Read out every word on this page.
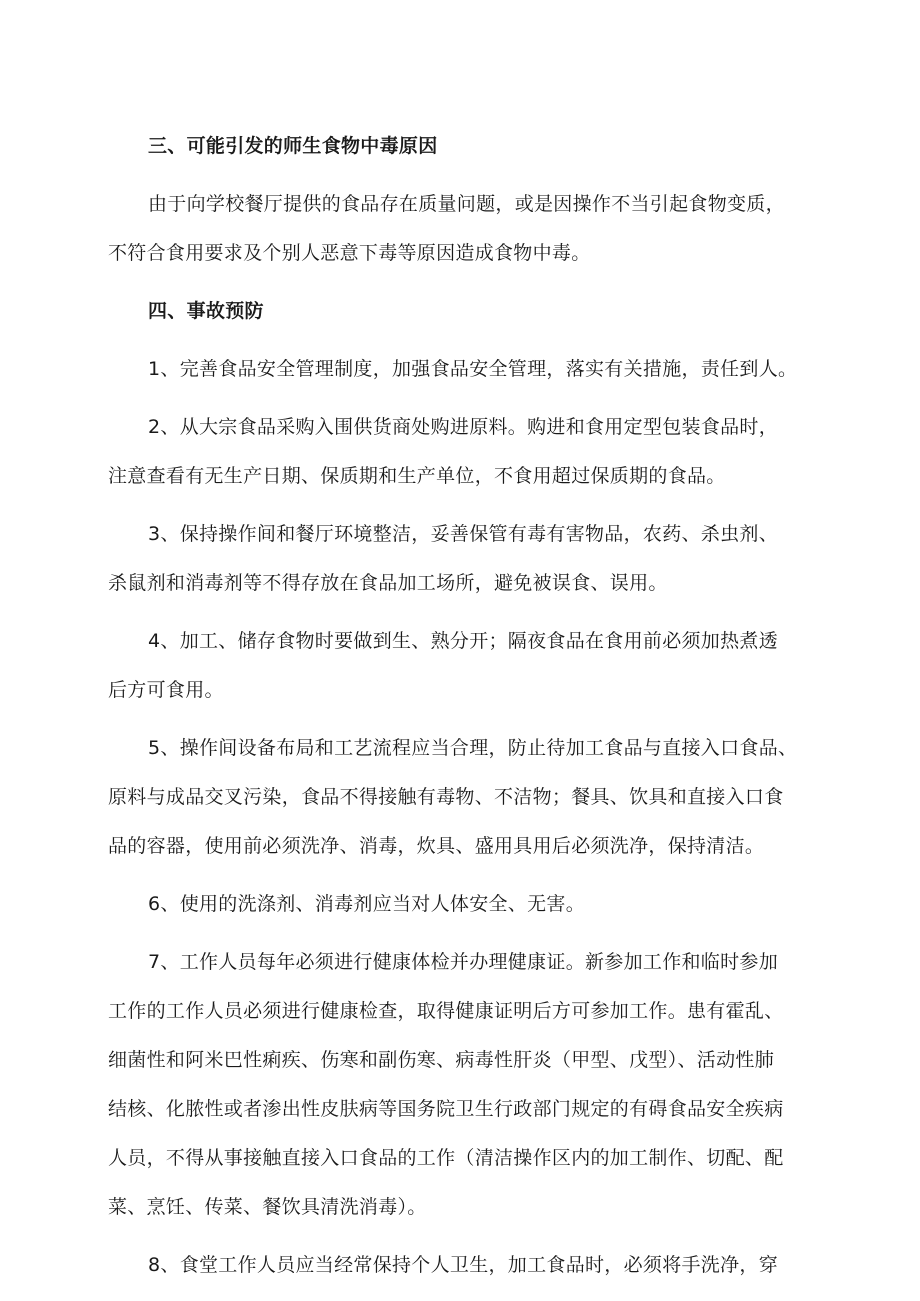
三、可能引发的师生食物中毒原因
由于向学校餐厅提供的食品存在质量问题，或是因操作不当引起食物变质，
不符合食用要求及个别人恶意下毒等原因造成食物中毒。
四、事故预防
1、完善食品安全管理制度，加强食品安全管理，落实有关措施，责任到人。
2、从大宗食品采购入围供货商处购进原料。购进和食用定型包装食品时，
注意查看有无生产日期、保质期和生产单位，不食用超过保质期的食品。
3、保持操作间和餐厅环境整洁，妥善保管有毒有害物品，农药、杀虫剂、
杀鼠剂和消毒剂等不得存放在食品加工场所，避免被误食、误用。
4、加工、储存食物时要做到生、熟分开；隔夜食品在食用前必须加热煮透
后方可食用。
5、操作间设备布局和工艺流程应当合理，防止待加工食品与直接入口食品、
原料与成品交叉污染，食品不得接触有毒物、不洁物；餐具、饮具和直接入口食
品的容器，使用前必须洗净、消毒，炊具、盛用具用后必须洗净，保持清洁。
6、使用的洗涤剂、消毒剂应当对人体安全、无害。
7、工作人员每年必须进行健康体检并办理健康证。新参加工作和临时参加
工作的工作人员必须进行健康检查，取得健康证明后方可参加工作。患有霍乱、
细菌性和阿米巴性痢疾、伤寒和副伤寒、病毒性肝炎（甲型、戊型）、活动性肺
结核、化脓性或者渗出性皮肤病等国务院卫生行政部门规定的有碍食品安全疾病
人员，不得从事接触直接入口食品的工作（清洁操作区内的加工制作、切配、配
菜、烹饪、传菜、餐饮具清洗消毒）。
8、食堂工作人员应当经常保持个人卫生，加工食品时，必须将手洗净，穿
